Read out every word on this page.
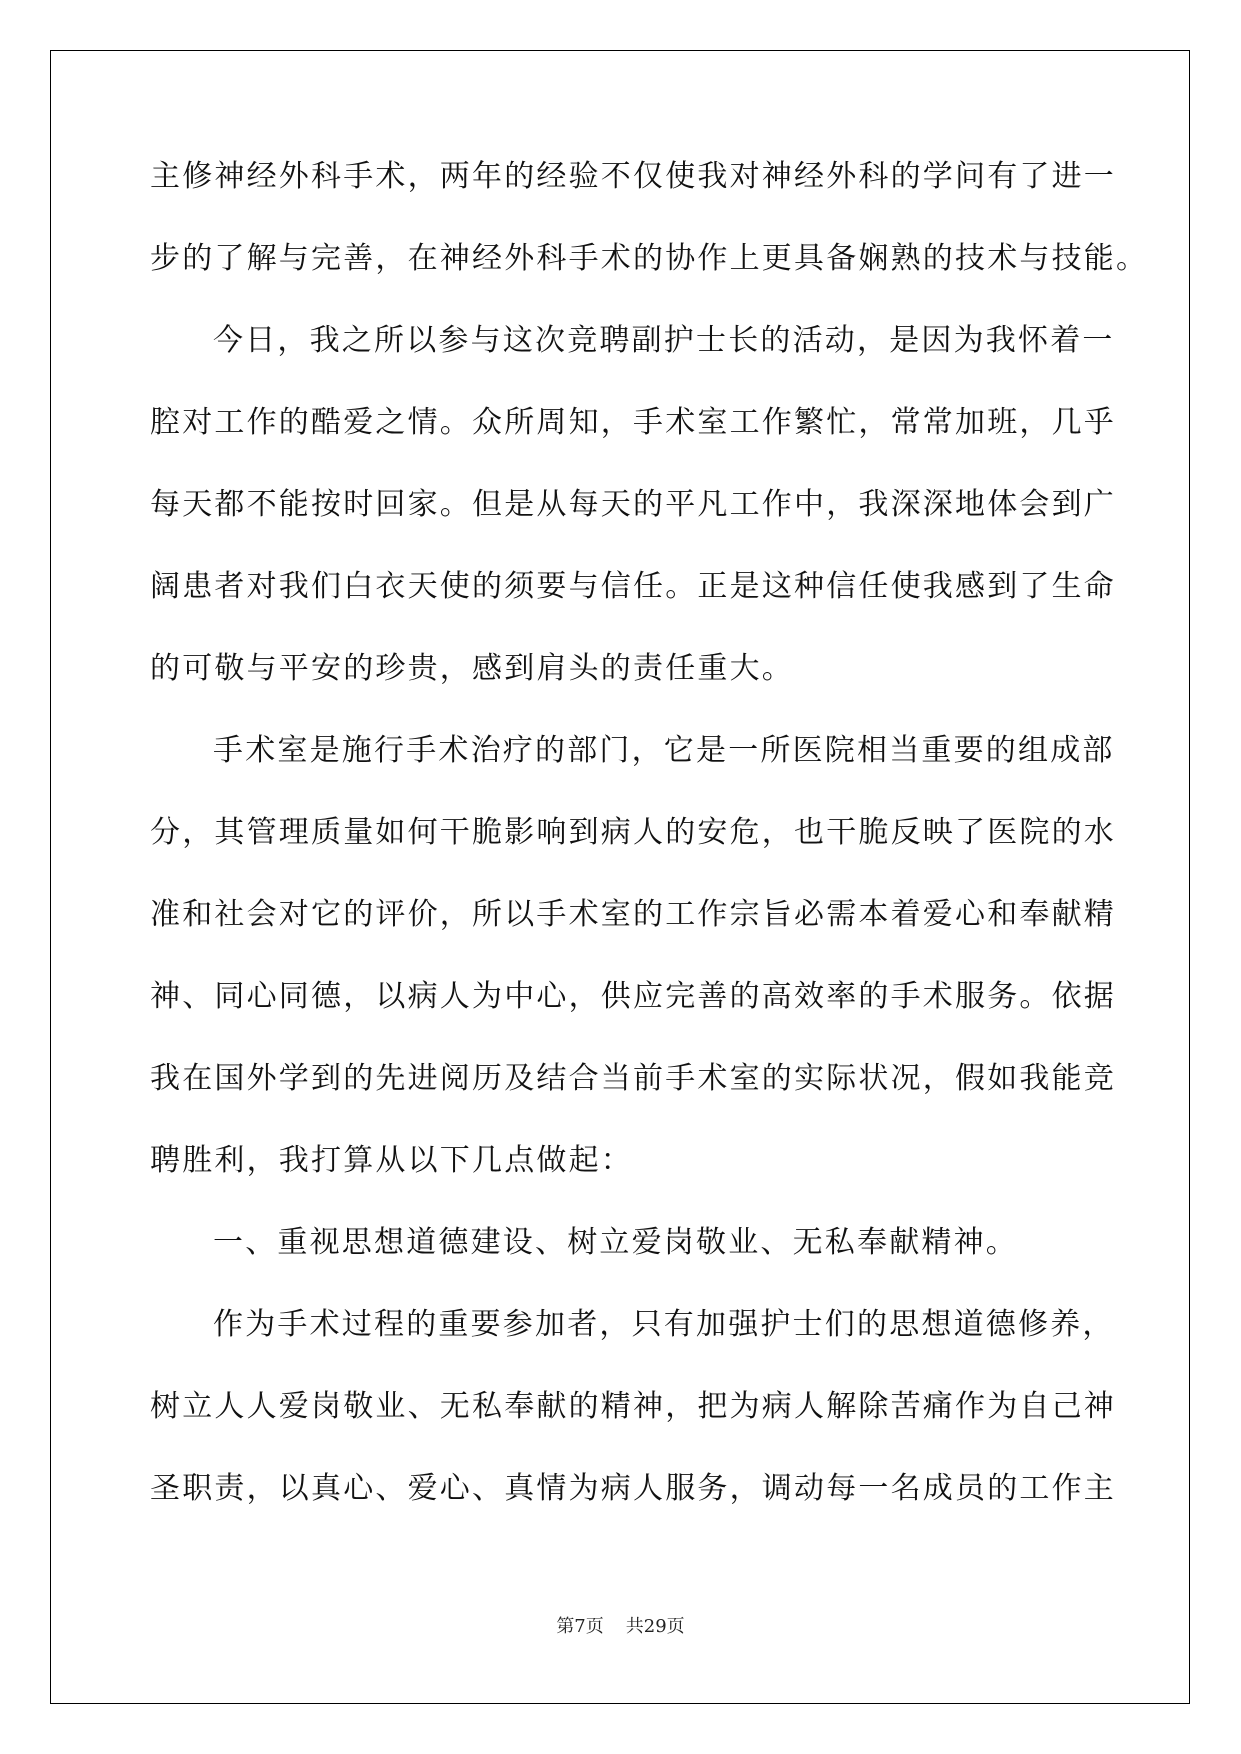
主修神经外科手术，两年的经验不仅使我对神经外科的学问有了进一
步的了解与完善，在神经外科手术的协作上更具备娴熟的技术与技能。
今日，我之所以参与这次竞聘副护士长的活动，是因为我怀着一
腔对工作的酷爱之情。众所周知，手术室工作繁忙，常常加班，几乎
每天都不能按时回家。但是从每天的平凡工作中，我深深地体会到广
阔患者对我们白衣天使的须要与信任。正是这种信任使我感到了生命
的可敬与平安的珍贵，感到肩头的责任重大。
手术室是施行手术治疗的部门，它是一所医院相当重要的组成部
分，其管理质量如何干脆影响到病人的安危，也干脆反映了医院的水
准和社会对它的评价，所以手术室的工作宗旨必需本着爱心和奉献精
神、同心同德，以病人为中心，供应完善的高效率的手术服务。依据
我在国外学到的先进阅历及结合当前手术室的实际状况，假如我能竞
聘胜利，我打算从以下几点做起：
一、重视思想道德建设、树立爱岗敬业、无私奉献精神。
作为手术过程的重要参加者，只有加强护士们的思想道德修养，
树立人人爱岗敬业、无私奉献的精神，把为病人解除苦痛作为自己神
圣职责，以真心、爱心、真情为病人服务，调动每一名成员的工作主
第7页 共29页
